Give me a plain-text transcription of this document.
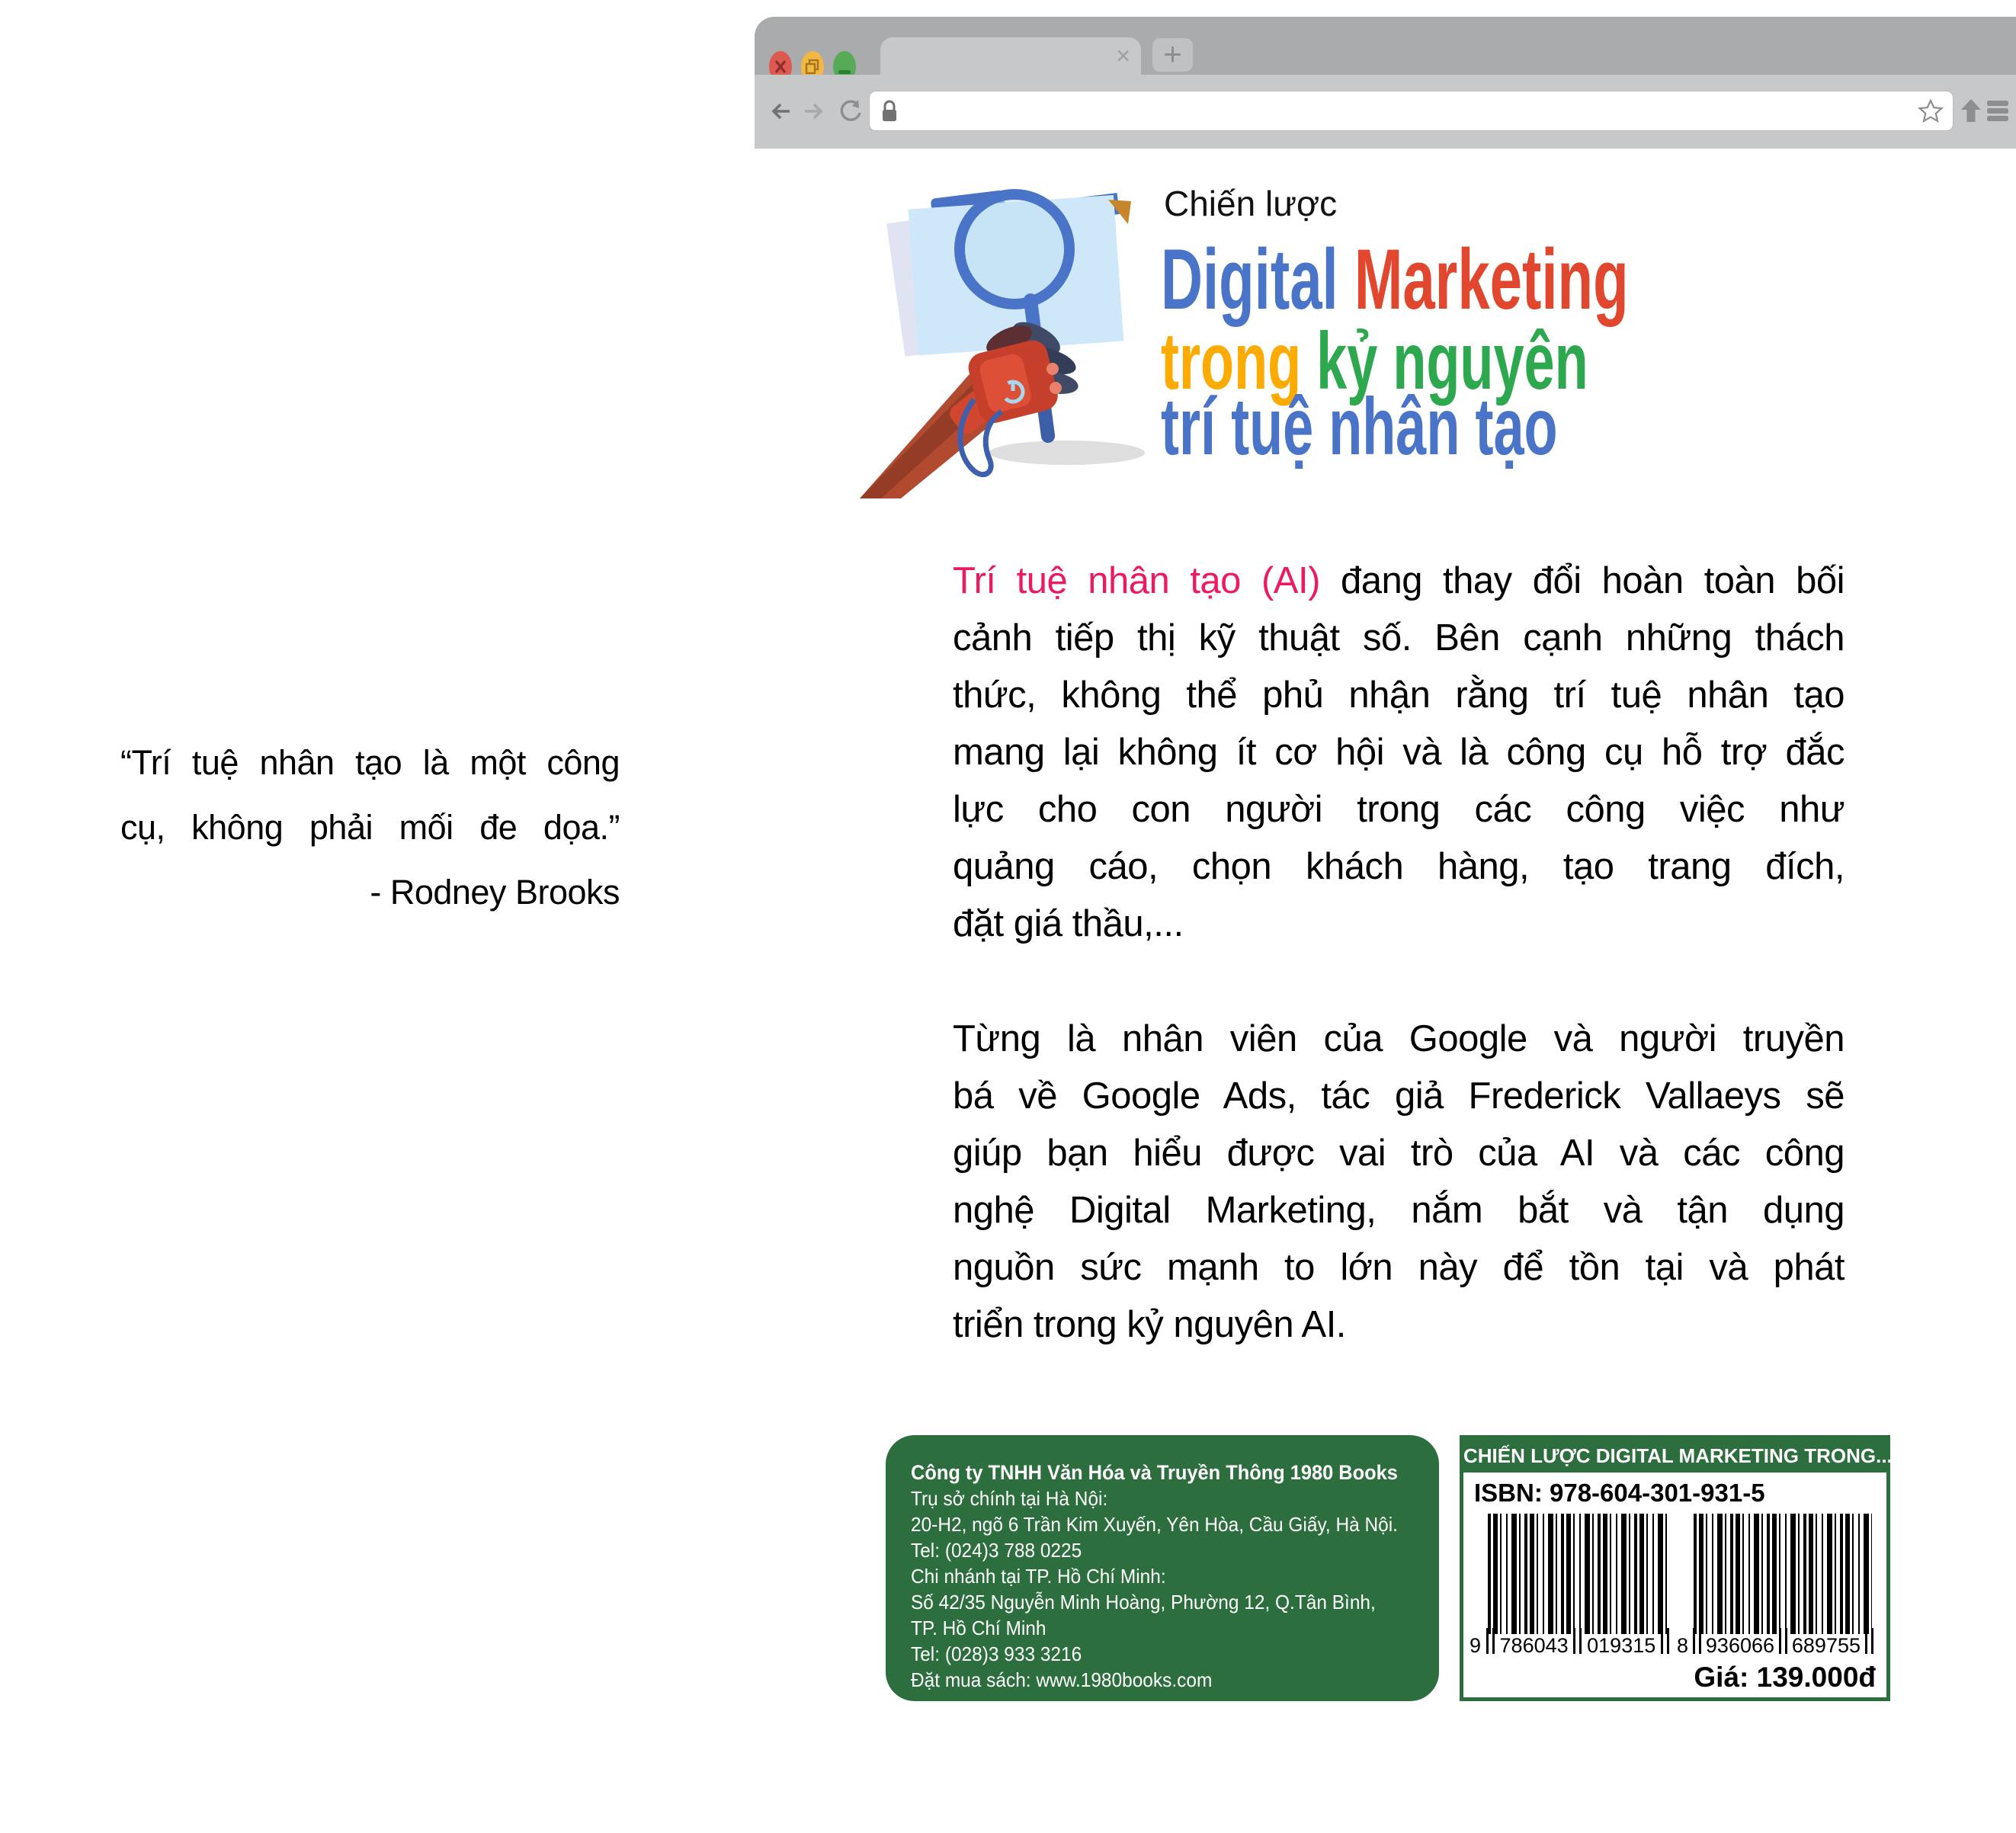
×	+
Chiến lược
Digital Marketing
trong kỷ nguyên
trí tuệ nhân tạo
“Trí tuệ nhân tạo là một công
cụ, không phải mối đe dọa.”
- Rodney Brooks
Trí tuệ nhân tạo (AI) đang thay đổi hoàn toàn bối
cảnh tiếp thị kỹ thuật số. Bên cạnh những thách
thức, không thể phủ nhận rằng trí tuệ nhân tạo
mang lại không ít cơ hội và là công cụ hỗ trợ đắc
lực cho con người trong các công việc như
quảng cáo, chọn khách hàng, tạo trang đích,
đặt giá thầu,...
Từng là nhân viên của Google và người truyền
bá về Google Ads, tác giả Frederick Vallaeys sẽ
giúp bạn hiểu được vai trò của AI và các công
nghệ Digital Marketing, nắm bắt và tận dụng
nguồn sức mạnh to lớn này để tồn tại và phát
triển trong kỷ nguyên AI.
Công ty TNHH Văn Hóa và Truyền Thông 1980 Books
Trụ sở chính tại Hà Nội:
20-H2, ngõ 6 Trần Kim Xuyến, Yên Hòa, Cầu Giấy, Hà Nội.
Tel: (024)3 788 0225
Chi nhánh tại TP. Hồ Chí Minh:
Số 42/35 Nguyễn Minh Hoàng, Phường 12, Q.Tân Bình,
TP. Hồ Chí Minh
Tel: (028)3 933 3216
Đặt mua sách: www.1980books.com
CHIẾN LƯỢC DIGITAL MARKETING TRONG...
ISBN: 978-604-301-931-5
9 786043 019315 8 936066 689755
Giá: 139.000đ
